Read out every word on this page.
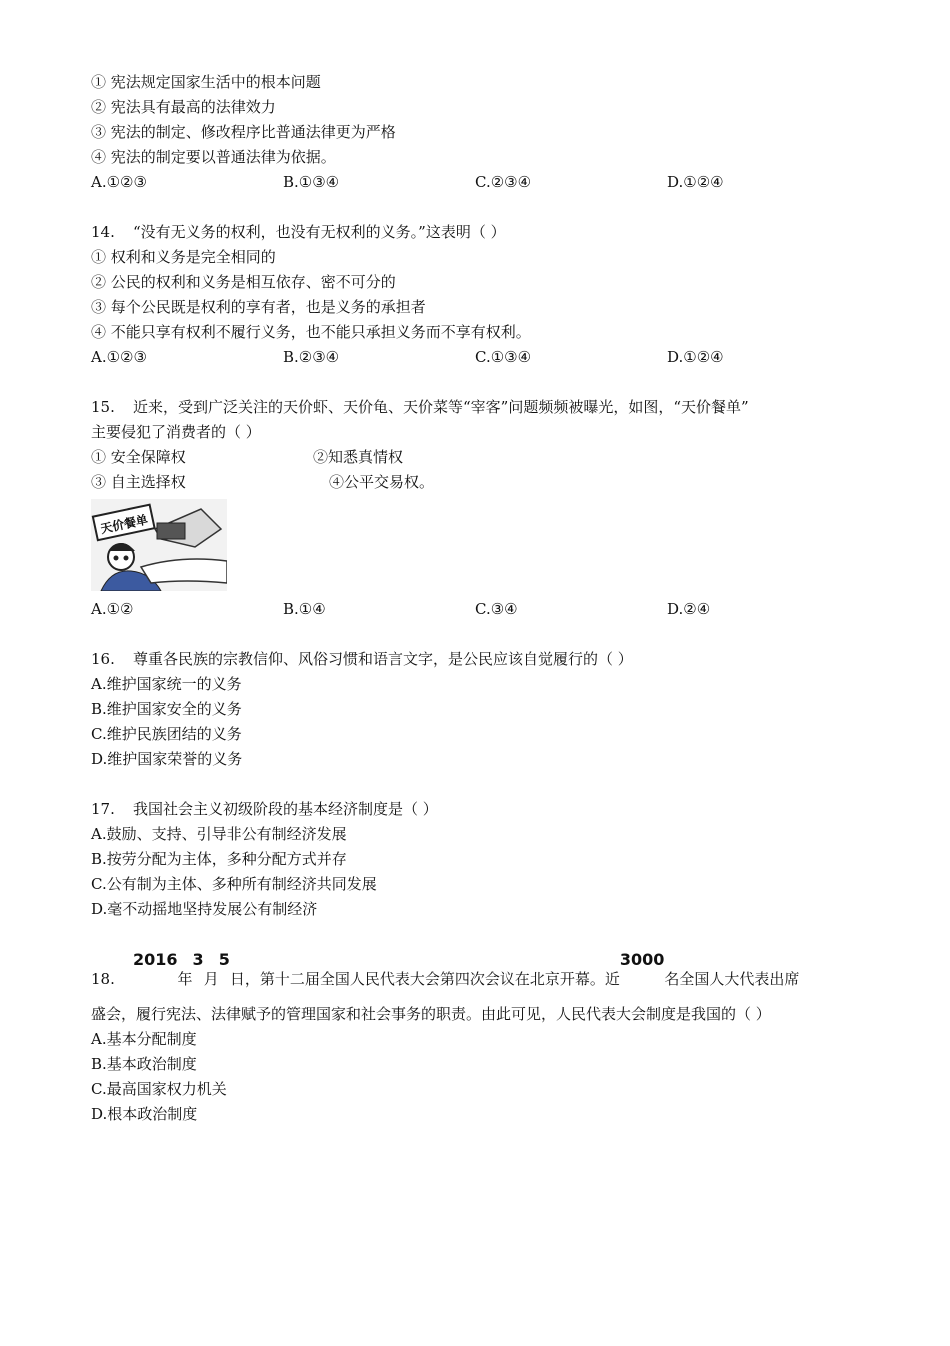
① 宪法规定国家生活中的根本问题
② 宪法具有最高的法律效力
③ 宪法的制定、修改程序比普通法律更为严格
④ 宪法的制定要以普通法律为依据。
A.①②③	B.①③④	C.②③④	D.①②④
14. “没有无义务的权利，也没有无权利的义务。”这表明（ ）
① 权利和义务是完全相同的
② 公民的权利和义务是相互依存、密不可分的
③ 每个公民既是权利的享有者，也是义务的承担者
④ 不能只享有权利不履行义务，也不能只承担义务而不享有权利。
A.①②③	B.②③④	C.①③④	D.①②④
15. 近来，受到广泛关注的天价虾、天价龟、天价菜等“宰客”问题频频被曝光，如图，“天价餐单”
主要侵犯了消费者的（ ）
① 安全保障权	②知悉真情权
③ 自主选择权	④公平交易权。
天价餐单
A.①②	B.①④	C.③④	D.②④
16. 尊重各民族的宗教信仰、风俗习惯和语言文字，是公民应该自觉履行的（ ）
A.维护国家统一的义务
B.维护国家安全的义务
C.维护民族团结的义务
D.维护国家荣誉的义务
17. 我国社会主义初级阶段的基本经济制度是（ ）
A.鼓励、支持、引导非公有制经济发展
B.按劳分配为主体，多种分配方式并存
C.公有制为主体、多种所有制经济共同发展
D.毫不动摇地坚持发展公有制经济
18.2016年3月5日，第十二届全国人民代表大会第四次会议在北京开幕。近3000名全国人大代表出席
盛会，履行宪法、法律赋予的管理国家和社会事务的职责。由此可见，人民代表大会制度是我国的（ ）
A.基本分配制度
B.基本政治制度
C.最高国家权力机关
D.根本政治制度
